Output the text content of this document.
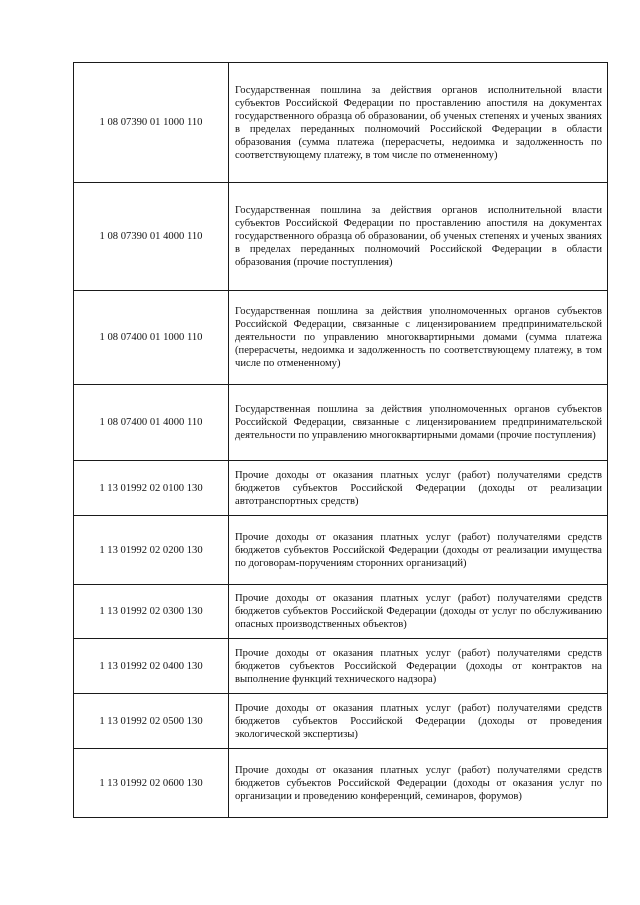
1 08 07390 01 1000 110	Государственная пошлина за действия органов исполнительной власти субъектов Российской Федерации по проставлению апостиля на документах государственного образца об образовании, об ученых степенях и ученых званиях в пределах переданных полномочий Российской Федерации в области образования (сумма платежа (перерасчеты, недоимка и задолженность по соответствующему платежу, в том числе по отмененному)

1 08 07390 01 4000 110	Государственная пошлина за действия органов исполнительной власти субъектов Российской Федерации по проставлению апостиля на документах государственного образца об образовании, об ученых степенях и ученых званиях в пределах переданных полномочий Российской Федерации в области образования (прочие поступления)

1 08 07400 01 1000 110	Государственная пошлина за действия уполномоченных органов субъектов Российской Федерации, связанные с лицензированием предпринимательской деятельности по управлению многоквартирными домами (сумма платежа (перерасчеты, недоимка и задолженность по соответствующему платежу, в том числе по отмененному)

1 08 07400 01 4000 110	Государственная пошлина за действия уполномоченных органов субъектов Российской Федерации, связанные с лицензированием предпринимательской деятельности по управлению многоквартирными домами (прочие поступления)

1 13 01992 02 0100 130	Прочие доходы от оказания платных услуг (работ) получателями средств бюджетов субъектов Российской Федерации (доходы от реализации автотранспортных средств)

1 13 01992 02 0200 130	Прочие доходы от оказания платных услуг (работ) получателями средств бюджетов субъектов Российской Федерации (доходы от реализации имущества по договорам-поручениям сторонних организаций)

1 13 01992 02 0300 130	Прочие доходы от оказания платных услуг (работ) получателями средств бюджетов субъектов Российской Федерации (доходы от услуг по обслуживанию опасных производственных объектов)

1 13 01992 02 0400 130	Прочие доходы от оказания платных услуг (работ) получателями средств бюджетов субъектов Российской Федерации (доходы от контрактов на выполнение функций технического надзора)

1 13 01992 02 0500 130	Прочие доходы от оказания платных услуг (работ) получателями средств бюджетов субъектов Российской Федерации (доходы от проведения экологической экспертизы)

1 13 01992 02 0600 130	Прочие доходы от оказания платных услуг (работ) получателями средств бюджетов субъектов Российской Федерации (доходы от оказания услуг по организации и проведению конференций, семинаров, форумов)
